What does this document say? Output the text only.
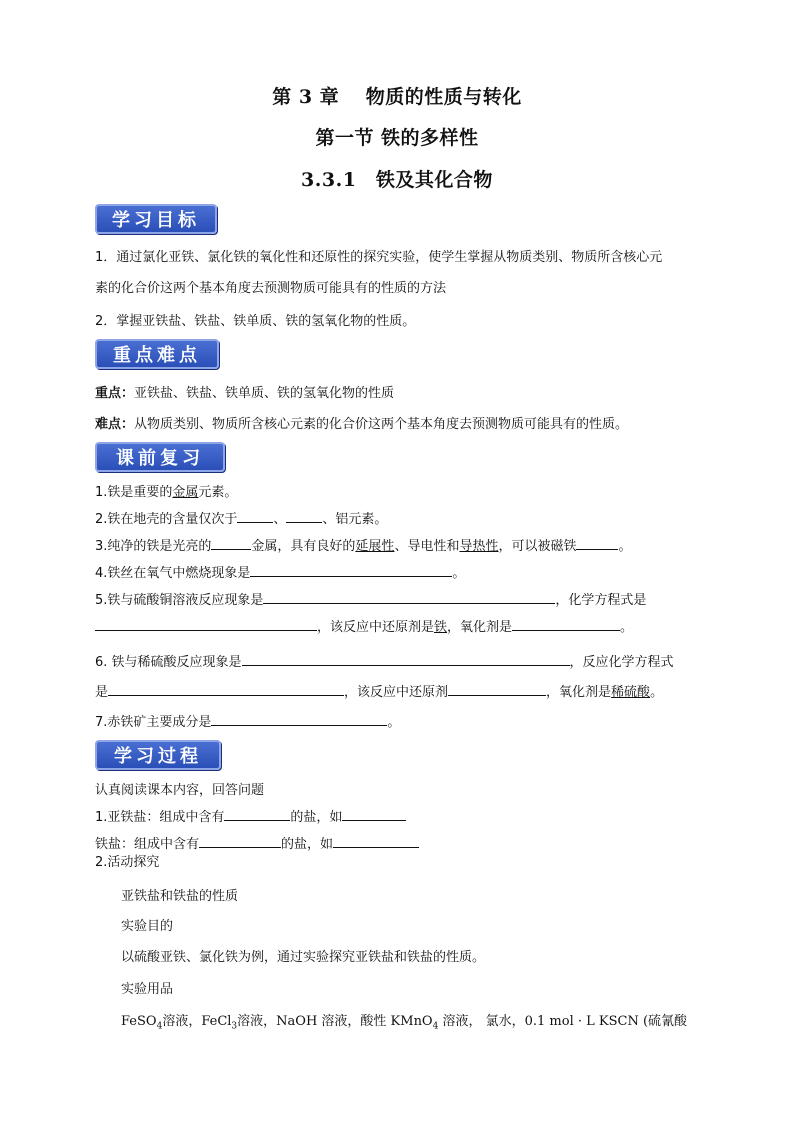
第 3 章　 物质的性质与转化
第一节 铁的多样性
3.3.1　铁及其化合物
学习目标
1．通过氯化亚铁、氯化铁的氧化性和还原性的探究实验，使学生掌握从物质类别、物质所含核心元
素的化合价这两个基本角度去预测物质可能具有的性质的方法
2．掌握亚铁盐、铁盐、铁单质、铁的氢氧化物的性质。
重点难点
重点：亚铁盐、铁盐、铁单质、铁的氢氧化物的性质
难点：从物质类别、物质所含核心元素的化合价这两个基本角度去预测物质可能具有的性质。
课前复习
1.铁是重要的金属元素。
2.铁在地壳的含量仅次于	、	、铝元素。
3.纯净的铁是光亮的	金属，具有良好的延展性、导电性和导热性，可以被磁铁	。
4.铁丝在氧气中燃烧现象是	。
5.铁与硫酸铜溶液反应现象是	，化学方程式是
，该反应中还原剂是铁，氧化剂是	。
6. 铁与稀硫酸反应现象是	，反应化学方程式
是	，该反应中还原剂	，氧化剂是稀硫酸。
7.赤铁矿主要成分是	。
学习过程
认真阅读课本内容，回答问题
1.亚铁盐：组成中含有	的盐，如
铁盐：组成中含有	的盐，如
2.活动探究
亚铁盐和铁盐的性质
实验目的
以硫酸亚铁、氯化铁为例，通过实验探究亚铁盐和铁盐的性质。
实验用品
FeSO$_4$溶液，FeCl$_3$溶液，NaOH 溶液，酸性 KMnO$_4$ 溶液， 氯水，0.1 mol · L KSCN (硫氰酸
